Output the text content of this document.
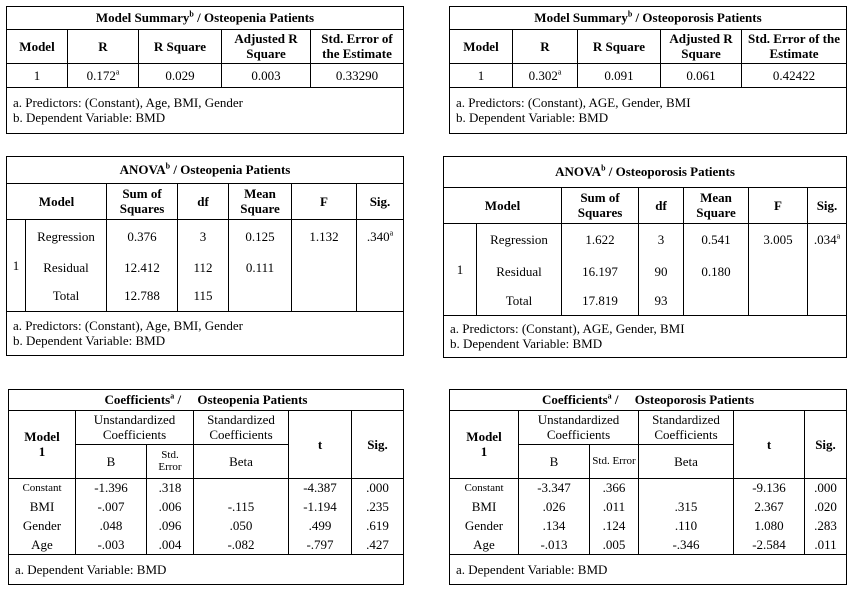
Model Summary$^b$ / Osteopenia Patients				
Model	R	R Square	Adjusted R Square	Std. Error of the Estimate
1	0.172$^a$	0.029	0.003	0.33290

a. Predictors: (Constant), Age, BMI, Gender
b. Dependent Variable: BMD				
Model Summary$^b$ / Osteoporosis Patients				
Model	R	R Square	Adjusted R Square	Std. Error of the Estimate
1	0.302$^a$	0.091	0.061	0.42422

a. Predictors: (Constant), AGE, Gender, BMI
b. Dependent Variable: BMD				
ANOVA$^b$ / Osteopenia Patients						
Model		Sum of Squares	df	Mean Square	F	Sig.
1	Regression	0.376	3	0.125	1.132	.340$^a$
	Residual	12.412	112	0.111		
	Total	12.788	115			

a. Predictors: (Constant), Age, BMI, Gender
b. Dependent Variable: BMD						
ANOVA$^b$ / Osteoporosis Patients						
Model		Sum of Squares	df	Mean Square	F	Sig.
1	Regression	1.622	3	0.541	3.005	.034$^a$
	Residual	16.197	90	0.180		
	Total	17.819	93			

a. Predictors: (Constant), AGE, Gender, BMI
b. Dependent Variable: BMD						
Coefficients$^a$ /     Osteopenia Patients					

Model
1	Unstandardized Coefficients		Standardized Coefficients	t	Sig.
	B	Std. Error	Beta		
Constant	-1.396	.318		-4.387	.000
BMI	-.007	.006	-.115	-1.194	.235
Gender	.048	.096	.050	.499	.619
Age	-.003	.004	-.082	-.797	.427
a. Dependent Variable: BMD					
Coefficients$^a$ /     Osteoporosis Patients					

Model
1	Unstandardized Coefficients		Standardized Coefficients	t	Sig.
	B	Std. Error	Beta		
Constant	-3.347	.366		-9.136	.000
BMI	.026	.011	.315	2.367	.020
Gender	.134	.124	.110	1.080	.283
Age	-.013	.005	-.346	-2.584	.011
a. Dependent Variable: BMD					
